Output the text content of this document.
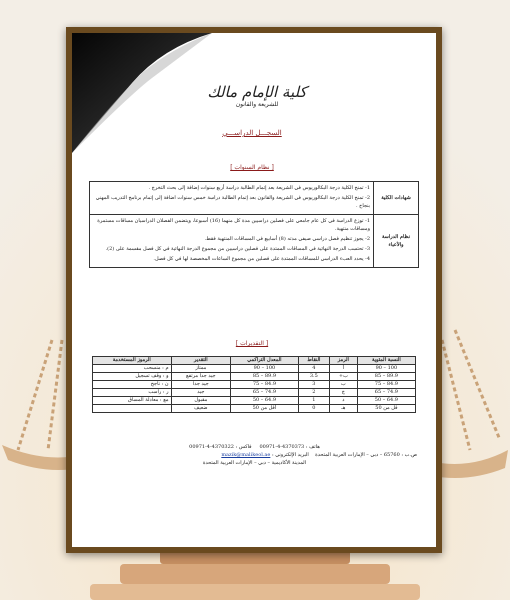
كلية الإمام مالك
للشريعة والقانون
السجـــل الدراســـي
[ نظام السنوات ]
شهادات الكلية	1- تمنح الكلية درجة البكالوريوس في الشريعة بعد إتمام الطالبة دراسة أربع سنوات إضافة إلى بحث التخرج .

2- تمنح الكلية درجة البكالوريوس في الشريعة والقانون بعد إتمام الطالبة دراسة خمس سنوات اضافة إلى إتمام برنامج التدريب المهني بنجاح .

نظام الدراسة والأعباء	1- توزع الدراسة في كل عام جامعي على فصلين دراسيين مدة كل منهما (16) أسبوعا، ويتضمن الفصلان الدراسيان مساقات مستمرة ومساقات منتهية.

2- يجوز تنظيم فصل دراسي صيفي مدته (8) أسابيع في المساقات المنتهية فقط.

3- تحتسب الدرجة النهائية في المساقات الممتدة على فصلين دراسيين من مجموع الدرجة النهائية في كل فصل مقسمة على (2).

4- يحدد العبء الدراسي للمساقات الممتدة على فصلين من مجموع الساعات المخصصة لها في كل فصل.

[ التقديرات ]
النسبة المئوية	الرمز	النقاط	المعدل التراكمي	التقدير	الرموز المستخدمة
100 – 90	أ	4	100 – 90	ممتاز	م : منسحب
89.9 – 85	ب+	3.5	89.9 – 85	جيد جدا مرتفع	و : وقف تسجيل
84.9 – 75	ب	3	84.9 – 75	جيد جدا	ن : ناجح
74.9 – 65	ج	2	74.9 – 65	جيد	ر : راسب
64.9 – 50	د	1	64.9 – 50	مقبول	مع : معادلة المساق
قل من 50	هـ	0	أقل من 50	ضعيف	
هاتف : 4370373-4-00971     فاكس : 4370322-4-00971
ص.ب : 65760 – دبي – الإمارات العربية المتحدة    البريد الإلكتروني : mazik@malikeol.ae
المدينة الأكاديمية – دبي – الإمارات العربية المتحدة
